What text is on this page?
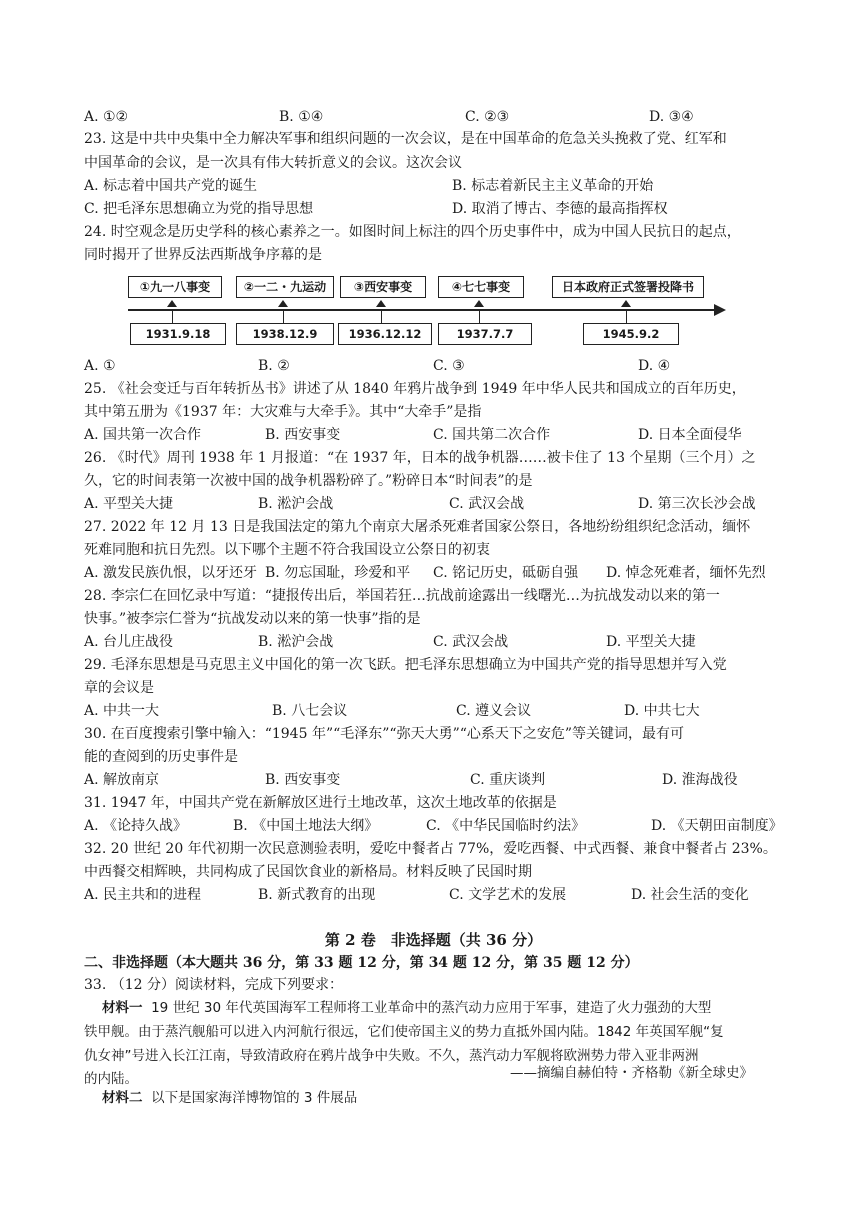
A. ①②	B. ①④	C. ②③	D. ③④
23. 这是中共中央集中全力解决军事和组织问题的一次会议，是在中国革命的危急关头挽救了党、红军和
中国革命的会议，是一次具有伟大转折意义的会议。这次会议
A. 标志着中国共产党的诞生	B. 标志着新民主主义革命的开始
C. 把毛泽东思想确立为党的指导思想	D. 取消了博古、李德的最高指挥权
24. 时空观念是历史学科的核心素养之一。如图时间上标注的四个历史事件中，成为中国人民抗日的起点，
同时揭开了世界反法西斯战争序幕的是
①九一八事变	②一二・九运动	③西安事变	④七七事变	日本政府正式签署投降书
1931.9.18	1938.12.9	1936.12.12	1937.7.7	1945.9.2
A. ①	B. ②	C. ③	D. ④
25. 《社会变迁与百年转折丛书》讲述了从 1840 年鸦片战争到 1949 年中华人民共和国成立的百年历史，
其中第五册为《1937 年：大灾难与大牵手》。其中“大牵手”是指
A. 国共第一次合作	B. 西安事变	C. 国共第二次合作	D. 日本全面侵华
26. 《时代》周刊 1938 年 1 月报道：“在 1937 年，日本的战争机器……被卡住了 13 个星期（三个月）之
久，它的时间表第一次被中国的战争机器粉碎了。”粉碎日本“时间表”的是
A. 平型关大捷	B. 淞沪会战	C. 武汉会战	D. 第三次长沙会战
27. 2022 年 12 月 13 日是我国法定的第九个南京大屠杀死难者国家公祭日，各地纷纷组织纪念活动，缅怀
死难同胞和抗日先烈。以下哪个主题不符合我国设立公祭日的初衷
A. 激发民族仇恨，以牙还牙 B. 勿忘国耻，珍爱和平 C. 铭记历史，砥砺自强 D. 悼念死难者，缅怀先烈
28. 李宗仁在回忆录中写道：“捷报传出后，举国若狂…抗战前途露出一线曙光…为抗战发动以来的第一
快事。”被李宗仁誉为“抗战发动以来的第一快事”指的是
A. 台儿庄战役	B. 淞沪会战	C. 武汉会战	D. 平型关大捷
29. 毛泽东思想是马克思主义中国化的第一次飞跃。把毛泽东思想确立为中国共产党的指导思想并写入党
章的会议是
A. 中共一大	B. 八七会议	C. 遵义会议	D. 中共七大
30. 在百度搜索引擎中输入：“1945 年”“毛泽东”“弥天大勇”“心系天下之安危”等关键词，最有可
能的查阅到的历史事件是
A. 解放南京	B. 西安事变	C. 重庆谈判	D. 淮海战役
31. 1947 年，中国共产党在新解放区进行土地改革，这次土地改革的依据是
A. 《论持久战》	B. 《中国土地法大纲》	C. 《中华民国临时约法》	D. 《天朝田亩制度》
32. 20 世纪 20 年代初期一次民意测验表明，爱吃中餐者占 77%，爱吃西餐、中式西餐、兼食中餐者占 23%。
中西餐交相辉映，共同构成了民国饮食业的新格局。材料反映了民国时期
A. 民主共和的进程	B. 新式教育的出现	C. 文学艺术的发展	D. 社会生活的变化
第 2 卷　非选择题（共 36 分）
二、非选择题（本大题共 36 分，第 33 题 12 分，第 34 题 12 分，第 35 题 12 分）
33. （12 分）阅读材料，完成下列要求：
材料一 19 世纪 30 年代英国海军工程师将工业革命中的蒸汽动力应用于军事，建造了火力强劲的大型
铁甲舰。由于蒸汽舰船可以进入内河航行很远，它们使帝国主义的势力直抵外国内陆。1842 年英国军舰“复
仇女神”号进入长江江南，导致清政府在鸦片战争中失败。不久，蒸汽动力军舰将欧洲势力带入亚非两洲
的内陆。	——摘编自赫伯特・齐格勒《新全球史》
材料二 以下是国家海洋博物馆的 3 件展品
